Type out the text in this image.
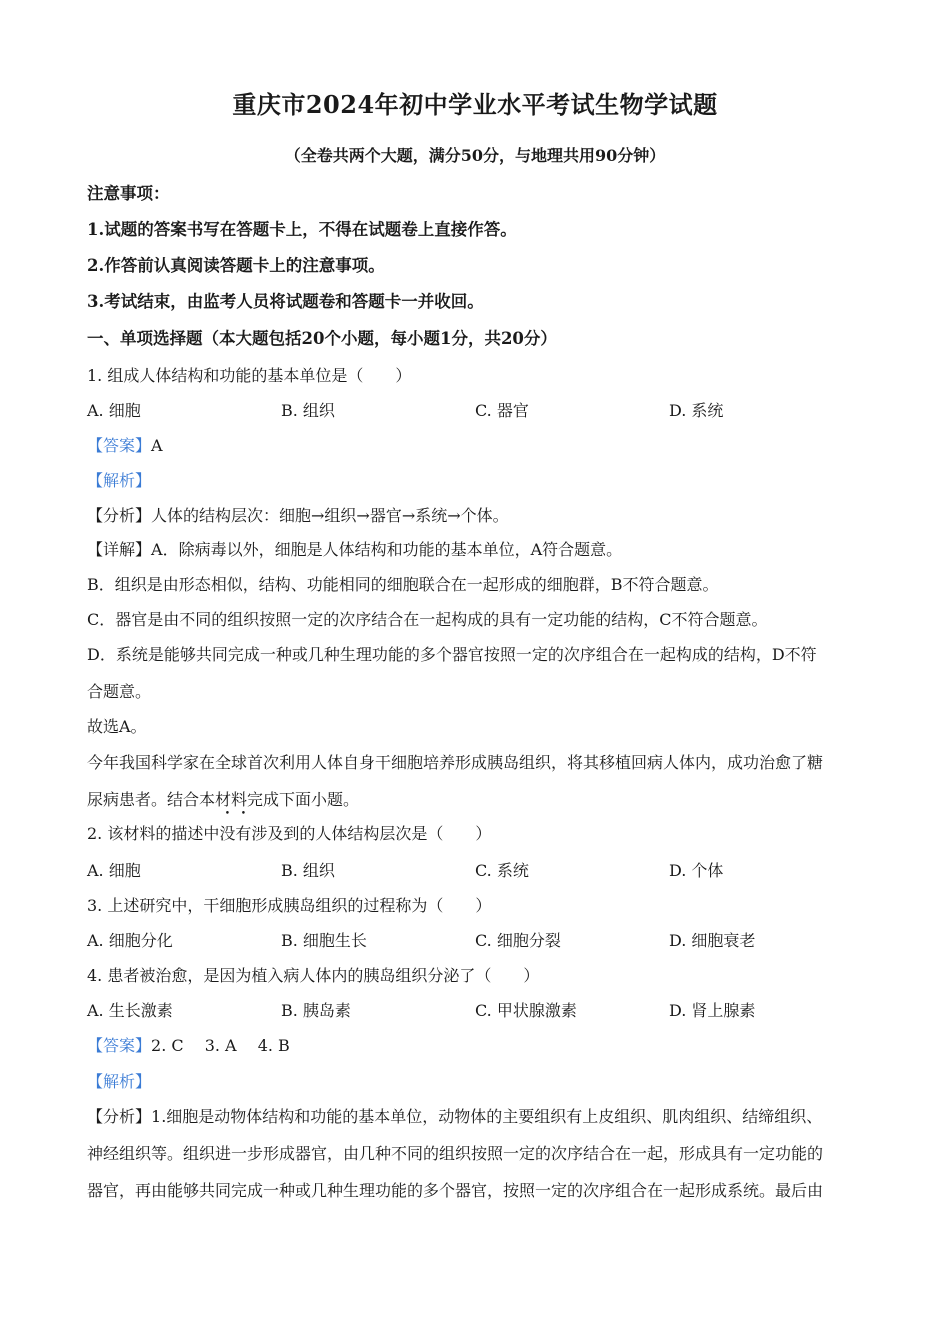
重庆市2024年初中学业水平考试生物学试题
（全卷共两个大题，满分50分，与地理共用90分钟）
注意事项：
1.试题的答案书写在答题卡上，不得在试题卷上直接作答。
2.作答前认真阅读答题卡上的注意事项。
3.考试结束，由监考人员将试题卷和答题卡一并收回。
一、单项选择题（本大题包括20个小题，每小题1分，共20分）
1. 组成人体结构和功能的基本单位是（　　）
A. 细胞	B. 组织	C. 器官	D. 系统
【答案】A
【解析】
【分析】人体的结构层次：细胞→组织→器官→系统→个体。
【详解】A．除病毒以外，细胞是人体结构和功能的基本单位，A符合题意。
B．组织是由形态相似，结构、功能相同的细胞联合在一起形成的细胞群，B不符合题意。
C．器官是由不同的组织按照一定的次序结合在一起构成的具有一定功能的结构，C不符合题意。
D．系统是能够共同完成一种或几种生理功能的多个器官按照一定的次序组合在一起构成的结构，D不符
合题意。
故选A。
今年我国科学家在全球首次利用人体自身干细胞培养形成胰岛组织，将其移植回病人体内，成功治愈了糖
尿病患者。结合本材料完成下面小题。
2. 该材料的描述中没有涉及到的人体结构层次是（　　）
A. 细胞	B. 组织	C. 系统	D. 个体
3. 上述研究中，干细胞形成胰岛组织的过程称为（　　）
A. 细胞分化	B. 细胞生长	C. 细胞分裂	D. 细胞衰老
4. 患者被治愈，是因为植入病人体内的胰岛组织分泌了（　　）
A. 生长激素	B. 胰岛素	C. 甲状腺激素	D. 肾上腺素
【答案】2. C　 3. A　 4. B
【解析】
【分析】1.细胞是动物体结构和功能的基本单位，动物体的主要组织有上皮组织、肌肉组织、结缔组织、
神经组织等。组织进一步形成器官，由几种不同的组织按照一定的次序结合在一起，形成具有一定功能的
器官，再由能够共同完成一种或几种生理功能的多个器官，按照一定的次序组合在一起形成系统。最后由
